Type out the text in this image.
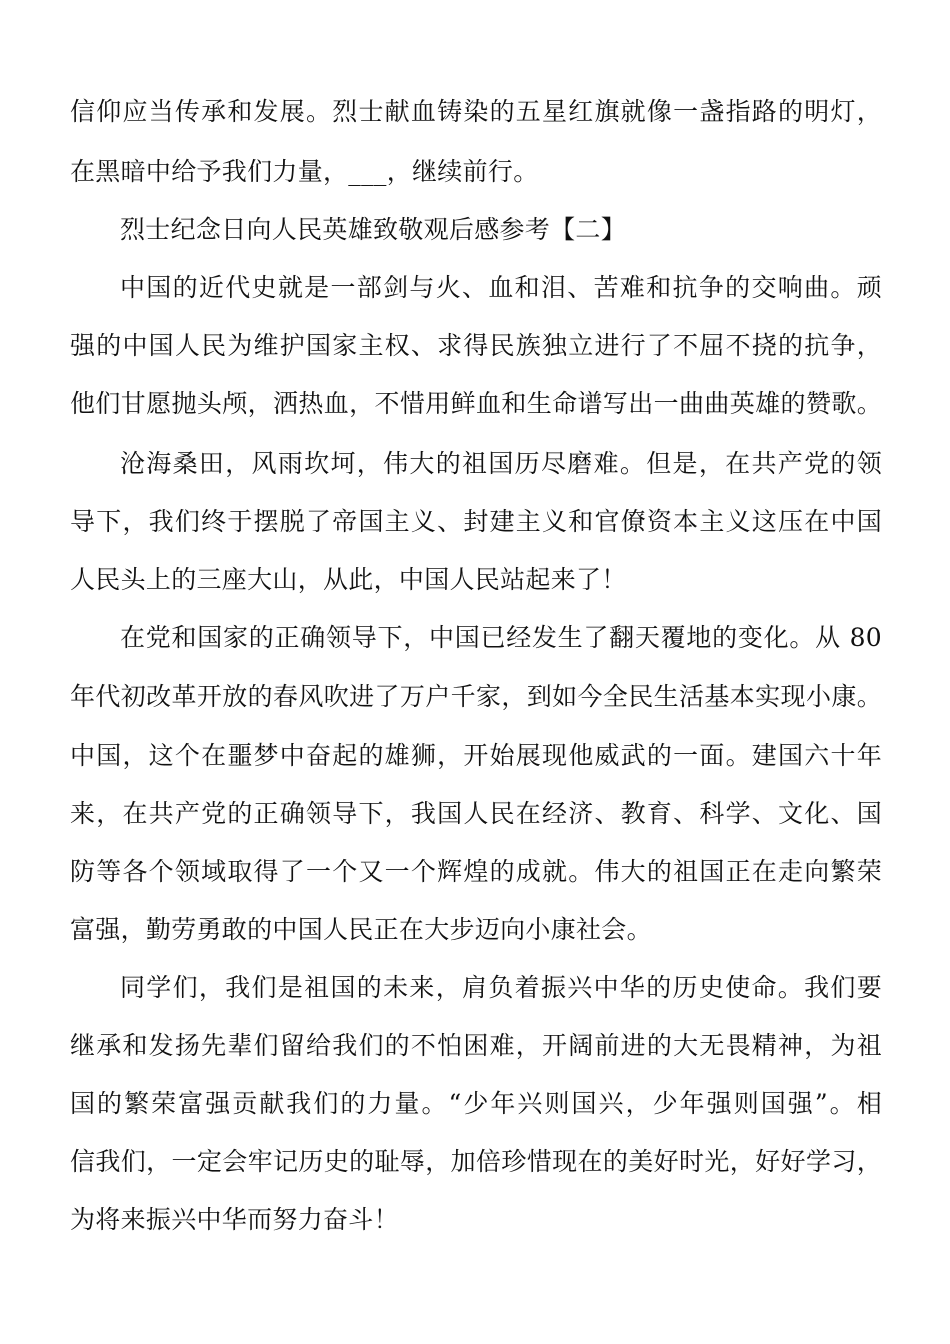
信仰应当传承和发展。烈士献血铸染的五星红旗就像一盏指路的明灯，
在黑暗中给予我们力量，___，继续前行。
烈士纪念日向人民英雄致敬观后感参考【二】
中国的近代史就是一部剑与火、血和泪、苦难和抗争的交响曲。顽
强的中国人民为维护国家主权、求得民族独立进行了不屈不挠的抗争，
他们甘愿抛头颅，洒热血，不惜用鲜血和生命谱写出一曲曲英雄的赞歌。
沧海桑田，风雨坎坷，伟大的祖国历尽磨难。但是，在共产党的领
导下，我们终于摆脱了帝国主义、封建主义和官僚资本主义这压在中国
人民头上的三座大山，从此，中国人民站起来了！
在党和国家的正确领导下，中国已经发生了翻天覆地的变化。从 80
年代初改革开放的春风吹进了万户千家，到如今全民生活基本实现小康。
中国，这个在噩梦中奋起的雄狮，开始展现他威武的一面。建国六十年
来，在共产党的正确领导下，我国人民在经济、教育、科学、文化、国
防等各个领域取得了一个又一个辉煌的成就。伟大的祖国正在走向繁荣
富强，勤劳勇敢的中国人民正在大步迈向小康社会。
同学们，我们是祖国的未来，肩负着振兴中华的历史使命。我们要
继承和发扬先辈们留给我们的不怕困难，开阔前进的大无畏精神，为祖
国的繁荣富强贡献我们的力量。“少年兴则国兴，少年强则国强”。相
信我们，一定会牢记历史的耻辱，加倍珍惜现在的美好时光，好好学习，
为将来振兴中华而努力奋斗！
